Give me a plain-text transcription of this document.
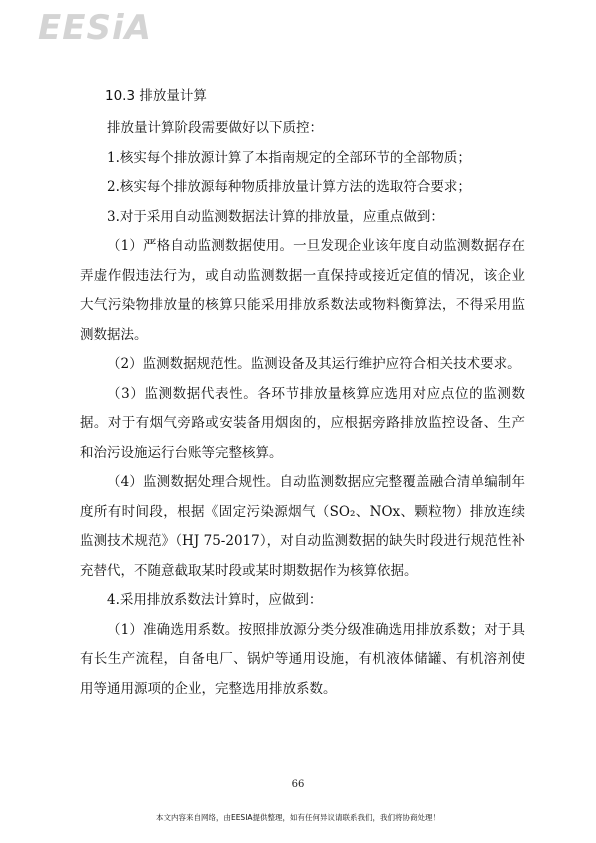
EESiA
10.3 排放量计算

排放量计算阶段需要做好以下质控：

1.核实每个排放源计算了本指南规定的全部环节的全部物质；

2.核实每个排放源每种物质排放量计算方法的选取符合要求；

3.对于采用自动监测数据法计算的排放量，应重点做到：

（1）严格自动监测数据使用。一旦发现企业该年度自动监测数据存在弄虚作假违法行为，或自动监测数据一直保持或接近定值的情况，该企业大气污染物排放量的核算只能采用排放系数法或物料衡算法，不得采用监测数据法。

（2）监测数据规范性。监测设备及其运行维护应符合相关技术要求。

（3）监测数据代表性。各环节排放量核算应选用对应点位的监测数据。对于有烟气旁路或安装备用烟囱的，应根据旁路排放监控设备、生产和治污设施运行台账等完整核算。

（4）监测数据处理合规性。自动监测数据应完整覆盖融合清单编制年度所有时间段，根据《固定污染源烟气（SO₂、NOx、颗粒物）排放连续监测技术规范》（HJ 75-2017），对自动监测数据的缺失时段进行规范性补充替代，不随意截取某时段或某时期数据作为核算依据。

4.采用排放系数法计算时，应做到：

（1）准确选用系数。按照排放源分类分级准确选用排放系数；对于具有长生产流程，自备电厂、锅炉等通用设施，有机液体储罐、有机溶剂使用等通用源项的企业，完整选用排放系数。

66
本文内容来自网络，由EESIA提供整理，如有任何异议请联系我们，我们将协商处理！
